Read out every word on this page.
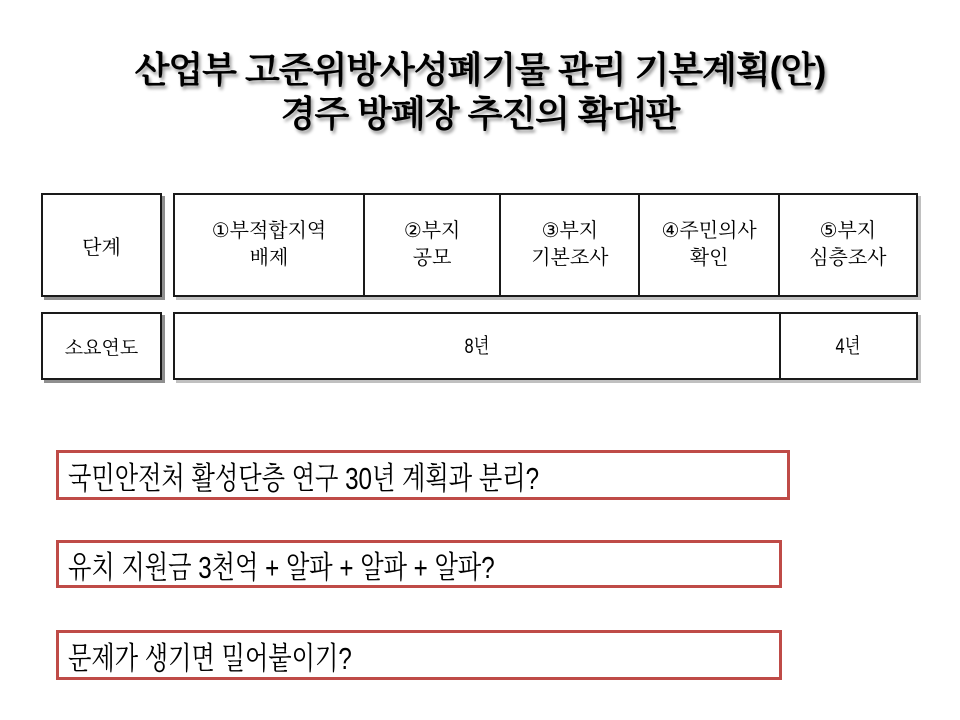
산업부 고준위방사성폐기물 관리 기본계획(안)
경주 방폐장 추진의 확대판
단계
①부적합지역
배제
②부지
공모
③부지
기본조사
④주민의사
확인
⑤부지
심층조사
소요연도	8년	4년
국민안전처 활성단층 연구 30년 계획과 분리?
유치 지원금 3천억 + 알파 + 알파 + 알파?
문제가 생기면 밀어붙이기?
